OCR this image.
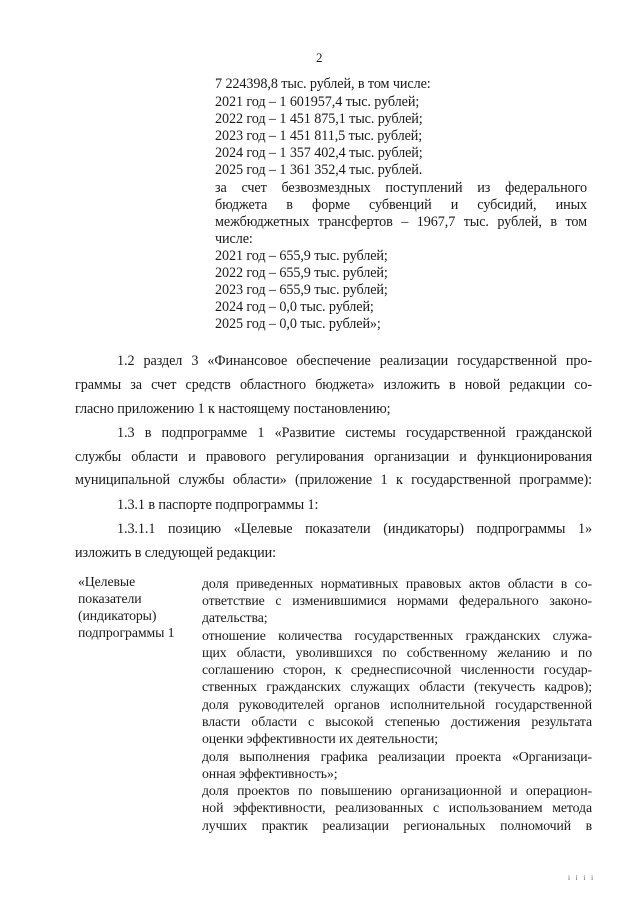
2
7 224398,8 тыс. рублей, в том числе:
2021 год – 1 601957,4 тыс. рублей;
2022 год – 1 451 875,1 тыс. рублей;
2023 год – 1 451 811,5 тыс. рублей;
2024 год – 1 357 402,4 тыс. рублей;
2025 год – 1 361 352,4 тыс. рублей.
за счет безвозмездных поступлений из федерального
бюджета в форме субвенций и субсидий, иных
межбюджетных трансфертов – 1967,7 тыс. рублей, в том
числе:
2021 год – 655,9 тыс. рублей;
2022 год – 655,9 тыс. рублей;
2023 год – 655,9 тыс. рублей;
2024 год – 0,0 тыс. рублей;
2025 год – 0,0 тыс. рублей»;
1.2 раздел 3 «Финансовое обеспечение реализации государственной про-
граммы за счет средств областного бюджета» изложить в новой редакции со-
гласно приложению 1 к настоящему постановлению;
1.3 в подпрограмме 1 «Развитие системы государственной гражданской
службы области и правового регулирования организации и функционирования
муниципальной службы области» (приложение 1 к государственной программе):
1.3.1 в паспорте подпрограммы 1:
1.3.1.1 позицию «Целевые показатели (индикаторы) подпрограммы 1»
изложить в следующей редакции:
«Целевые
показатели
(индикаторы)
подпрограммы 1
доля приведенных нормативных правовых актов области в со-
ответствие с изменившимися нормами федерального законо-
дательства;
отношение количества государственных гражданских служа-
щих области, уволившихся по собственному желанию и по
соглашению сторон, к среднесписочной численности государ-
ственных гражданских служащих области (текучесть кадров);
доля руководителей органов исполнительной государственной
власти области с высокой степенью достижения результата
оценки эффективности их деятельности;
доля выполнения графика реализации проекта «Организаци-
онная эффективность»;
доля проектов по повышению организационной и операцион-
ной эффективности, реализованных с использованием метода
лучших практик реализации региональных полномочий в
i i i i
